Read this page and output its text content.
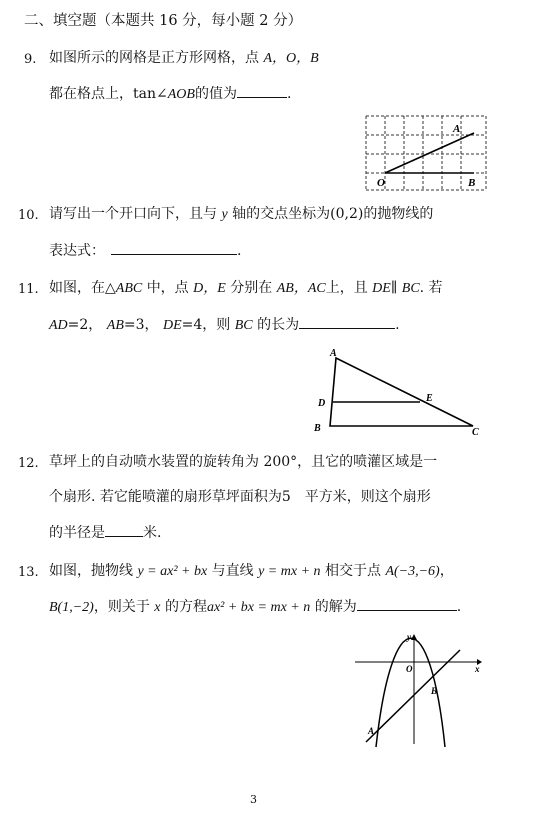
二、填空题（本题共 16 分，每小题 2 分）
9. 如图所示的网格是正方形网格，点 A，O，B
都在格点上，tan∠AOB的值为	.
A
O	B
10. 请写出一个开口向下，且与 y 轴的交点坐标为(0,2)的抛物线的
表达式：	.
11. 如图，在△ABC 中，点 D，E 分别在 AB，AC上，且 DE∥ BC. 若
AD=2， AB=3， DE=4，则 BC 的长为	.
A
D	E
B	C
12. 草坪上的自动喷水装置的旋转角为 200°，且它的喷灌区域是一
个扇形. 若它能喷灌的扇形草坪面积为5　平方米，则这个扇形
的半径是	米.
13. 如图，抛物线 y = ax² + bx 与直线 y = mx + n 相交于点 A(−3,−6)，
B(1,−2)，则关于 x 的方程ax² + bx = mx + n 的解为	.
y
x
O
A
B
3
